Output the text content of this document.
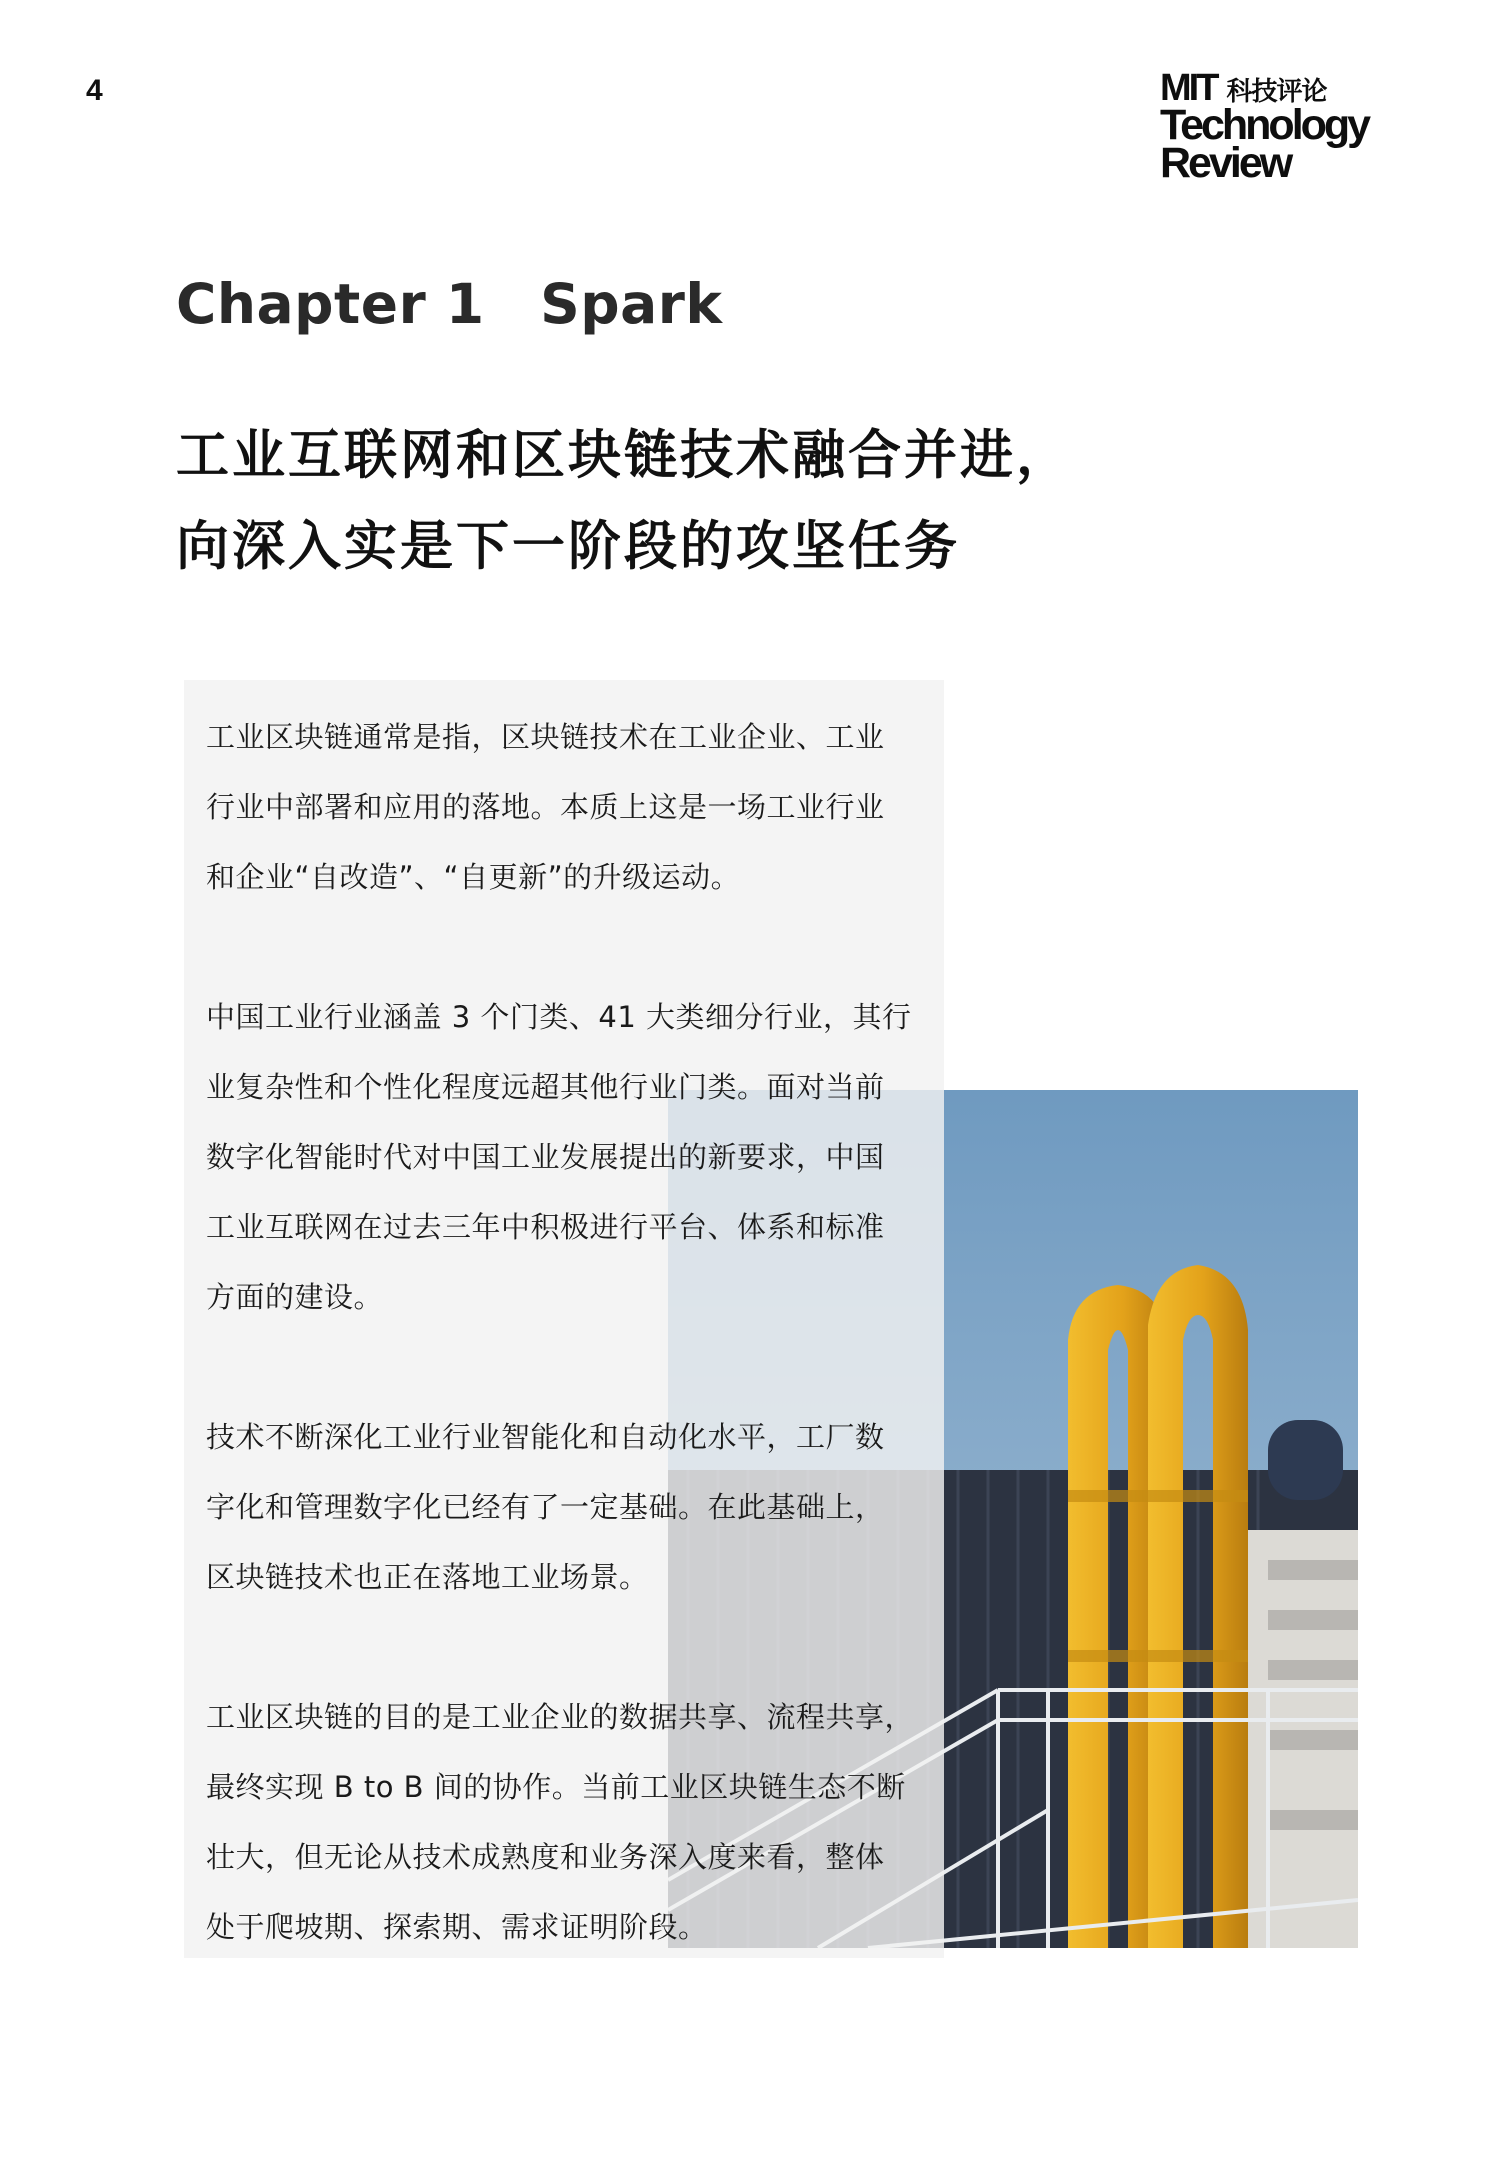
4	MIT 科技评论
Technology
Review
Chapter 1　Spark
工业互联网和区块链技术融合并进，
向深入实是下一阶段的攻坚任务

工业区块链通常是指，区块链技术在工业企业、工业
行业中部署和应用的落地。本质上这是一场工业行业
和企业“自改造”、“自更新”的升级运动。

中国工业行业涵盖 3 个门类、41 大类细分行业，其行
业复杂性和个性化程度远超其他行业门类。面对当前
数字化智能时代对中国工业发展提出的新要求，中国
工业互联网在过去三年中积极进行平台、体系和标准
方面的建设。

技术不断深化工业行业智能化和自动化水平，工厂数
字化和管理数字化已经有了一定基础。在此基础上，
区块链技术也正在落地工业场景。

工业区块链的目的是工业企业的数据共享、流程共享，
最终实现 B to B 间的协作。当前工业区块链生态不断
壮大，但无论从技术成熟度和业务深入度来看，整体
处于爬坡期、探索期、需求证明阶段。
